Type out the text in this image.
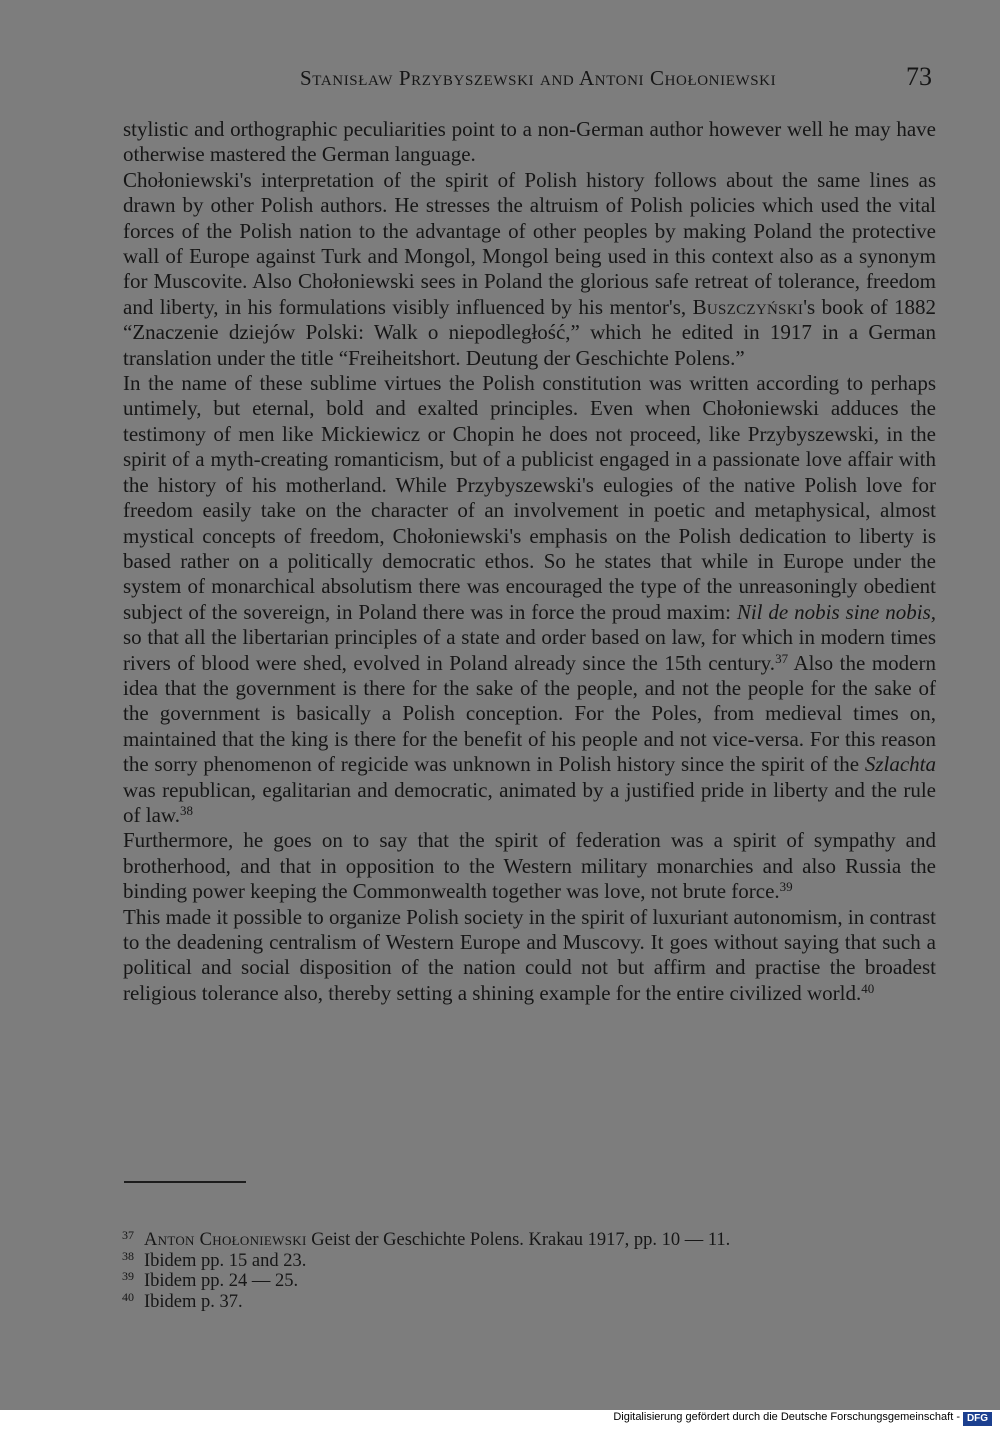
Stanisław Przybyszewski and Antoni Chołoniewski	73

stylistic and orthographic peculiarities point to a non-German author however well he may have otherwise mastered the German language.

Chołoniewski's interpretation of the spirit of Polish history follows about the same lines as drawn by other Polish authors. He stresses the altruism of Polish policies which used the vital forces of the Polish nation to the advantage of other peoples by making Poland the protective wall of Europe against Turk and Mongol, Mongol being used in this context also as a synonym for Muscovite. Also Chołoniewski sees in Poland the glorious safe retreat of tolerance, freedom and liberty, in his formulations visibly influenced by his mentor's, Buszczyński's book of 1882 “Znaczenie dziejów Polski: Walk o niepodległość,” which he edited in 1917 in a German translation under the title “Freiheitshort. Deutung der Geschichte Polens.”

In the name of these sublime virtues the Polish constitution was written according to perhaps untimely, but eternal, bold and exalted principles. Even when Chołoniewski adduces the testimony of men like Mickiewicz or Chopin he does not proceed, like Przybyszewski, in the spirit of a myth-creating romanticism, but of a publicist engaged in a passionate love affair with the history of his motherland. While Przybyszewski's eulogies of the native Polish love for freedom easily take on the character of an involvement in poetic and metaphysical, almost mystical concepts of freedom, Chołoniewski's emphasis on the Polish dedication to liberty is based rather on a politically democratic ethos. So he states that while in Europe under the system of monarchical absolutism there was encouraged the type of the unreasoningly obedient subject of the sovereign, in Poland there was in force the proud maxim: Nil de nobis sine nobis, so that all the libertarian principles of a state and order based on law, for which in modern times rivers of blood were shed, evolved in Poland already since the 15th century.$^{37}$ Also the modern idea that the government is there for the sake of the people, and not the people for the sake of the government is basically a Polish conception. For the Poles, from medieval times on, maintained that the king is there for the benefit of his people and not vice-versa. For this reason the sorry phenomenon of regicide was unknown in Polish history since the spirit of the Szlachta was republican, egalitarian and democratic, animated by a justified pride in liberty and the rule of law.$^{38}$

Furthermore, he goes on to say that the spirit of federation was a spirit of sympathy and brotherhood, and that in opposition to the Western military monarchies and also Russia the binding power keeping the Commonwealth together was love, not brute force.$^{39}$

This made it possible to organize Polish society in the spirit of luxuriant autonomism, in contrast to the deadening centralism of Western Europe and Muscovy. It goes without saying that such a political and social disposition of the nation could not but affirm and practise the broadest religious tolerance also, thereby setting a shining example for the entire civilized world.$^{40}$

37 Anton Chołoniewski Geist der Geschichte Polens. Krakau 1917, pp. 10 — 11.
38 Ibidem pp. 15 and 23.
39 Ibidem pp. 24 — 25.
40 Ibidem p. 37.
Digitalisierung gefördert durch die Deutsche Forschungsgemeinschaft - DFG
